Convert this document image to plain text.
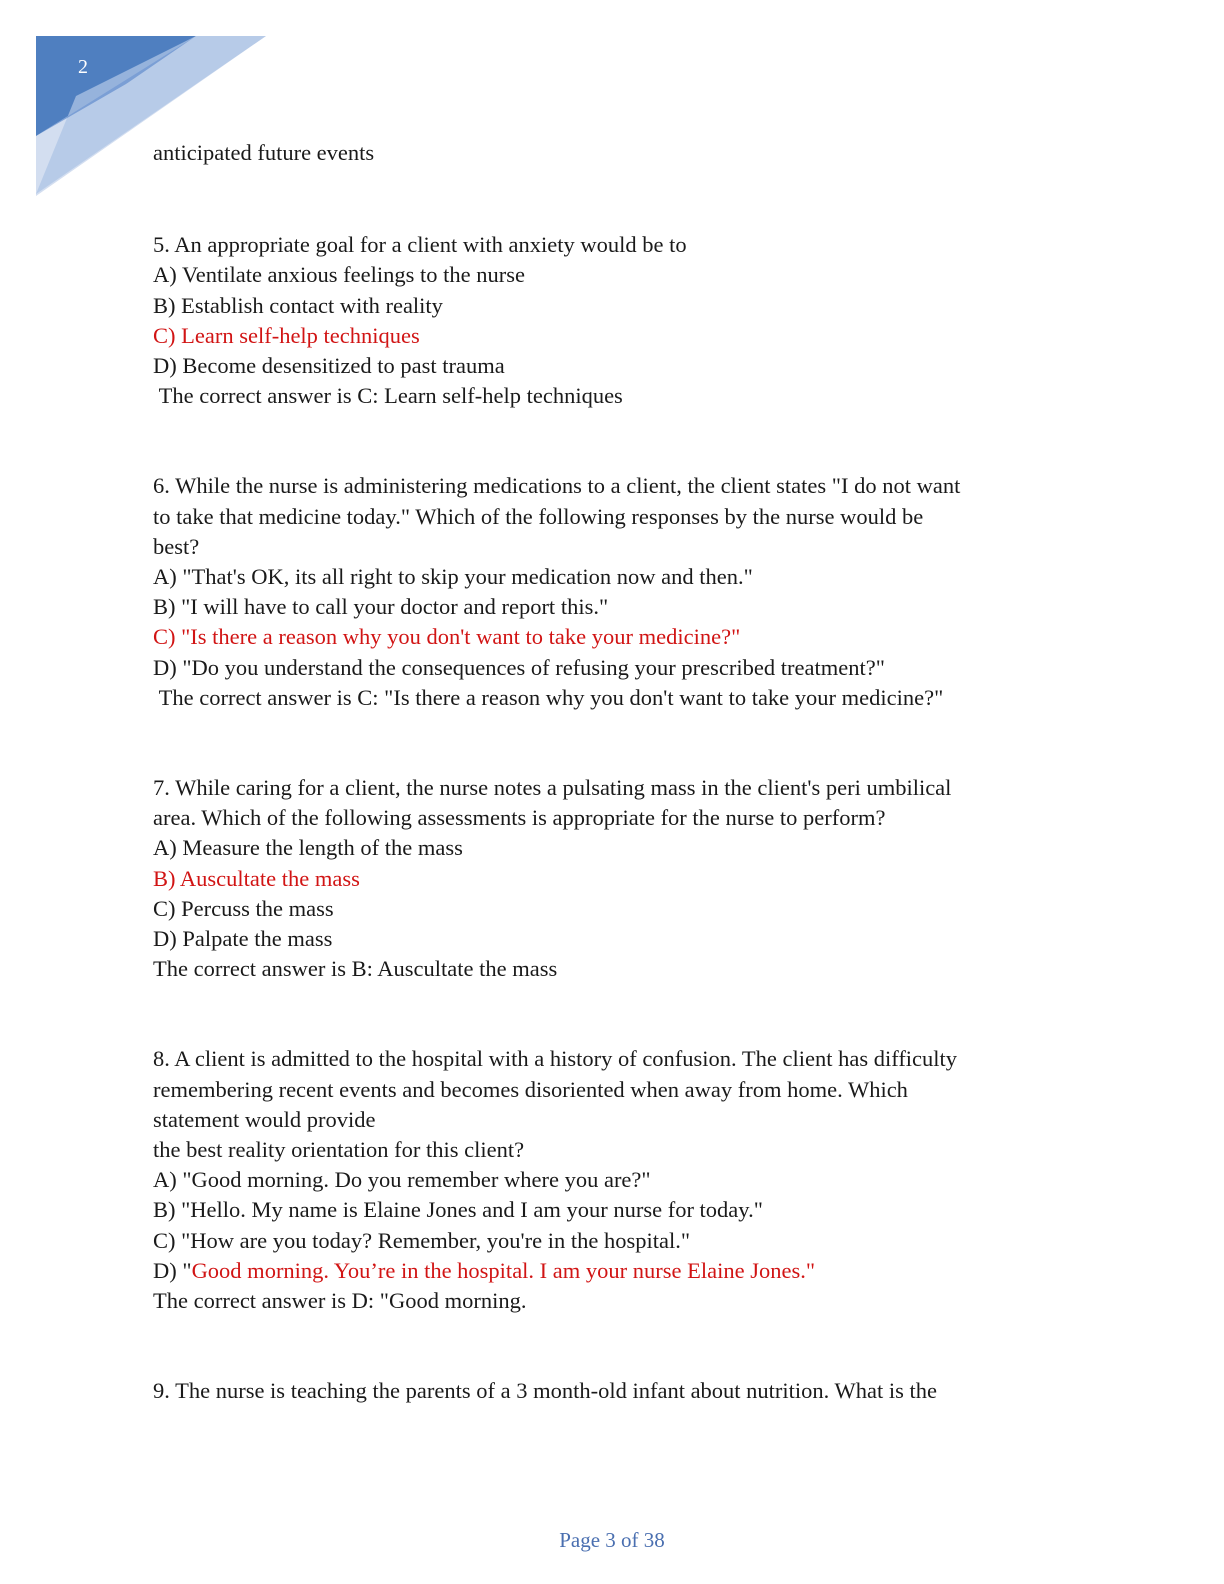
2

anticipated future events

5. An appropriate goal for a client with anxiety would be to

A) Ventilate anxious feelings to the nurse

B) Establish contact with reality

C) Learn self-help techniques

D) Become desensitized to past trauma

The correct answer is C: Learn self-help techniques

6. While the nurse is administering medications to a client, the client states "I do not want

to take that medicine today." Which of the following responses by the nurse would be

best?

A) "That's OK, its all right to skip your medication now and then."

B) "I will have to call your doctor and report this."

C) "Is there a reason why you don't want to take your medicine?"

D) "Do you understand the consequences of refusing your prescribed treatment?"

The correct answer is C: "Is there a reason why you don't want to take your medicine?"

7. While caring for a client, the nurse notes a pulsating mass in the client's peri umbilical

area. Which of the following assessments is appropriate for the nurse to perform?

A) Measure the length of the mass

B) Auscultate the mass

C) Percuss the mass

D) Palpate the mass

The correct answer is B: Auscultate the mass

8. A client is admitted to the hospital with a history of confusion. The client has difficulty

remembering recent events and becomes disoriented when away from home. Which

statement would provide

the best reality orientation for this client?

A) "Good morning. Do you remember where you are?"

B) "Hello. My name is Elaine Jones and I am your nurse for today."

C) "How are you today? Remember, you're in the hospital."

D) "Good morning. You’re in the hospital. I am your nurse Elaine Jones."

The correct answer is D: "Good morning.

9. The nurse is teaching the parents of a 3 month-old infant about nutrition. What is the

Page 3 of 38
